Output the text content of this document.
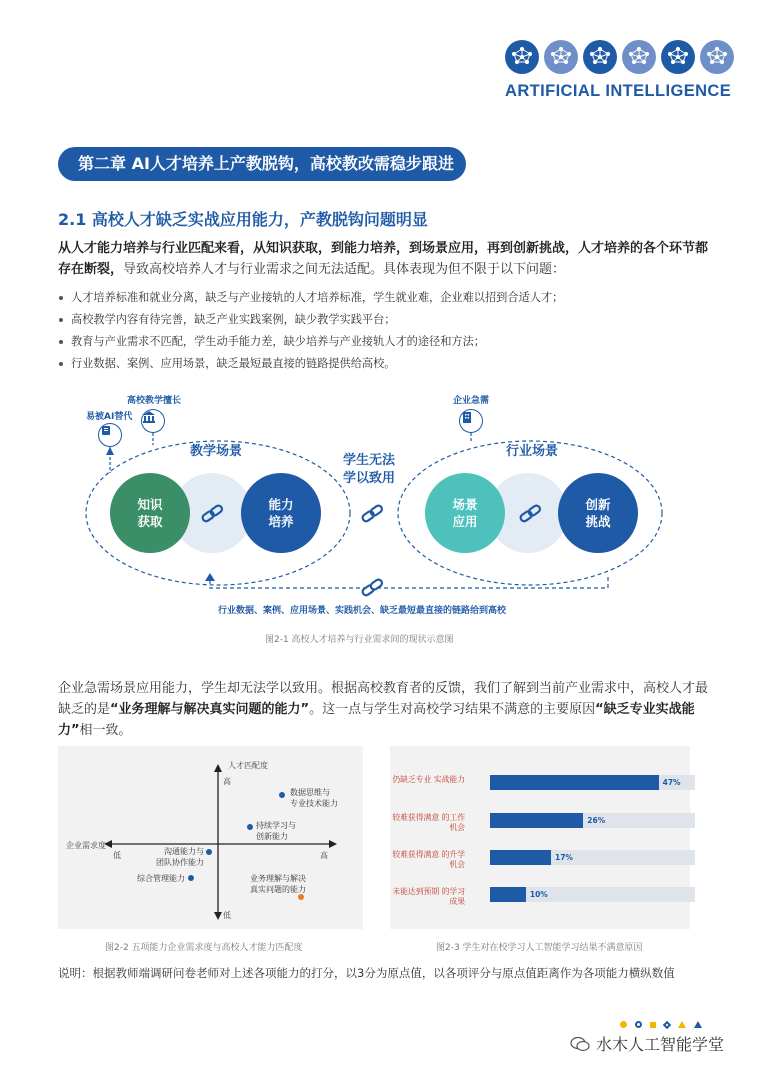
ARTIFICIAL INTELLIGENCE
第二章 AI人才培养上产教脱钩，高校教改需稳步跟进
2.1 高校人才缺乏实战应用能力，产教脱钩问题明显
从人才能力培养与行业匹配来看，从知识获取，到能力培养，到场景应用，再到创新挑战，人才培养的各个环节都存在断裂，导致高校培养人才与行业需求之间无法适配。具体表现为但不限于以下问题：
人才培养标准和就业分离，缺乏与产业接轨的人才培养标准，学生就业难，企业难以招到合适人才；
高校教学内容有待完善，缺乏产业实践案例，缺少教学实践平台；
教育与产业需求不匹配，学生动手能力差，缺少培养与产业接轨人才的途径和方法；
行业数据、案例、应用场景，缺乏最短最直接的链路提供给高校。
易被AI替代
高校教学擅长	企业急需
教学场景	行业场景
学生无法
学以致用
知识
获取
能力
培养
场景
应用
创新
挑战
行业数据、案例、应用场景、实践机会、缺乏最短最直接的链路给到高校
图2-1 高校人才培养与行业需求间的现状示意图
企业急需场景应用能力，学生却无法学以致用。根据高校教育者的反馈，我们了解到当前产业需求中，高校人才最缺乏的是“业务理解与解决真实问题的能力”。这一点与学生对高校学习结果不满意的主要原因“缺乏专业实战能力”相一致。
人才匹配度
企业需求度
高
低
低	高
数据思维与
专业技术能力
持续学习与
创新能力
沟通能力与
团队协作能力
综合管理能力	业务理解与解决
真实问题的能力
图2-2 五项能力企业需求度与高校人才能力匹配度
仍缺乏专业 实战能力	47%
较难获得满意 的工作机会
26%
较难获得满意 的升学机会
17%
未能达到预期 的学习成果
10%
图2-3 学生对在校学习人工智能学习结果不满意原因
说明：根据教师端调研问卷老师对上述各项能力的打分，以3分为原点值，以各项评分与原点值距离作为各项能力横纵数值
水木人工智能学堂
